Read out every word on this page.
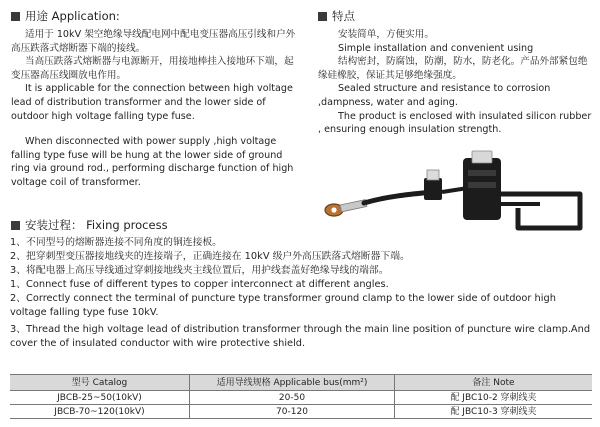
用途 Application:

适用于 10kV 架空绝缘导线配电网中配电变压器高压引线和户外高压跌落式熔断器下端的接线。

当高压跌落式熔断器与电源断开，用接地棒挂入接地环下端，起变压器高压线圈放电作用。

It is applicable for the connection between high voltage lead of distribution transformer and the lower side of outdoor high voltage falling type fuse.

When disconnected with power supply ,high voltage falling type fuse will be hung at the lower side of ground ring via ground rod., performing discharge function of high voltage coil of transformer.

特点

安装简单，方便实用。

Simple installation and convenient using

结构密封，防腐蚀，防潮，防水，防老化。产品外部紧包绝缘硅橡胶，保证其足够绝缘强度。

Sealed structure and resistance to corrosion ,dampness, water and aging.

The product is enclosed with insulated silicon rubber , ensuring enough insulation strength.

安装过程： Fixing process

1、不同型号的熔断器连接不同角度的铜连接板。

2、把穿刺型变压器接地线夹的连接端子，正确连接在 10kV 级户外高压跌落式熔断器下端。

3、将配电器上高压导线通过穿刺接地线夹主线位置后，用护线套盖好绝缘导线的端部。

1、Connect fuse of different types to copper interconnect at different angles.

2、Correctly connect the terminal of puncture type transformer ground clamp to the lower side of outdoor high voltage falling type fuse 10kV.

3、Thread the high voltage lead of distribution transformer through the main line position of puncture wire clamp.And cover the of insulated conductor with wire protective shield.

型号 Catalog	适用导线规格 Applicable bus(mm²)	备注 Note
JBCB-25~50(10kV)	20-50	配 JBC10-2 穿刺线夹
JBCB-70~120(10kV)	70-120	配 JBC10-3 穿刺线夹
